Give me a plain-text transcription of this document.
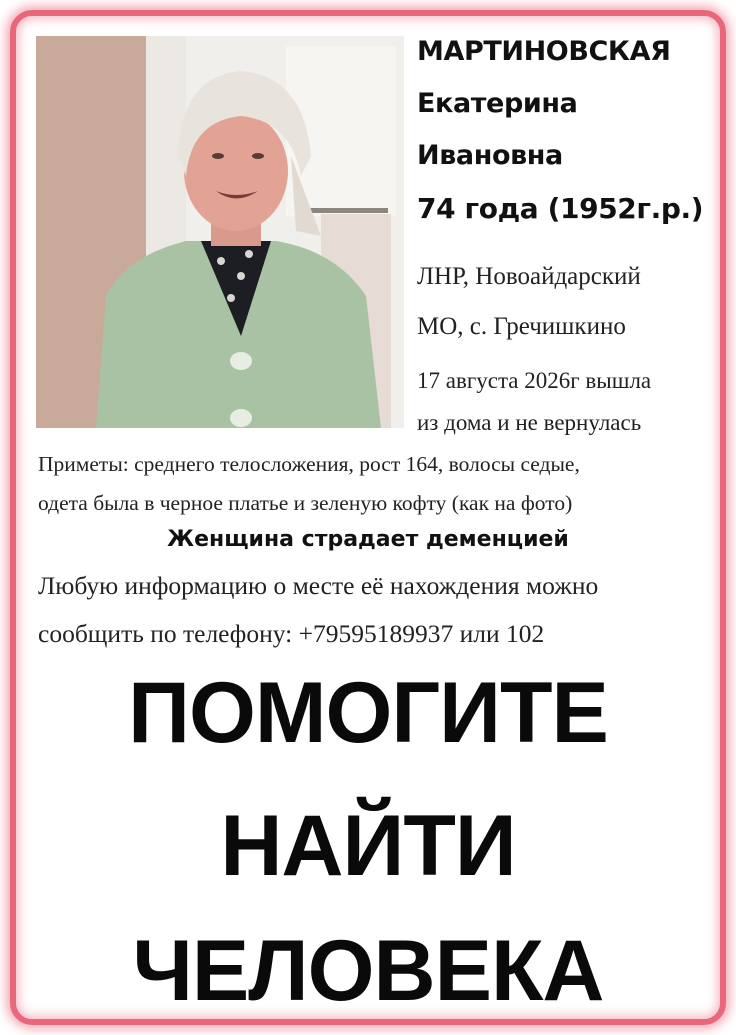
МАРТИНОВСКАЯ
Екатерина
Ивановна
74 года (1952г.р.)
ЛНР, Новоайдарский
МО, с. Гречишкино
17 августа 2026г вышла
из дома и не вернулась
Приметы: среднего телосложения, рост 164, волосы седые,
одета была в черное платье и зеленую кофту (как на фото)
Женщина страдает деменцией
Любую информацию о месте её нахождения можно
сообщить по телефону: +79595189937 или 102
ПОМОГИТЕ
НАЙТИ
ЧЕЛОВЕКА
